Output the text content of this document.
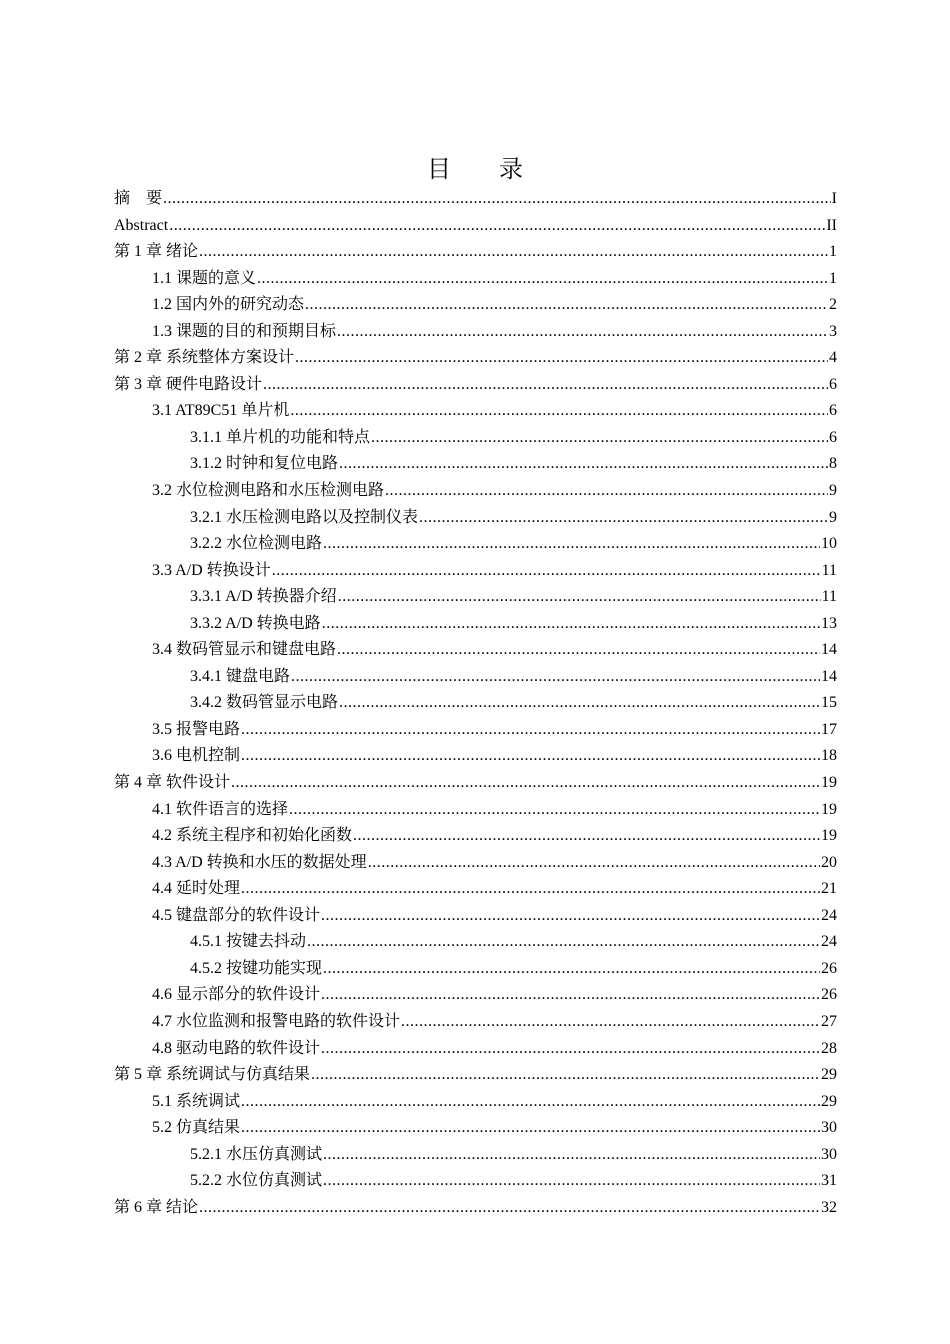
目 录
摘　要 .....	I
Abstract .....	II
第 1 章 绪论 .....	1
1.1 课题的意义 .....	1
1.2 国内外的研究动态 .....	2
1.3 课题的目的和预期目标 .....	3
第 2 章 系统整体方案设计 .....	4
第 3 章 硬件电路设计 .....	6
3.1 AT89C51 单片机 .....	6
3.1.1 单片机的功能和特点 .....	6
3.1.2 时钟和复位电路 .....	8
3.2 水位检测电路和水压检测电路 .....	9
3.2.1 水压检测电路以及控制仪表 .....	9
3.2.2 水位检测电路 .....	10
3.3 A/D 转换设计 .....	11
3.3.1 A/D 转换器介绍 .....	11
3.3.2 A/D 转换电路 .....	13
3.4 数码管显示和键盘电路 .....	14
3.4.1 键盘电路 .....	14
3.4.2 数码管显示电路 .....	15
3.5 报警电路 .....	17
3.6 电机控制 .....	18
第 4 章 软件设计 .....	19
4.1 软件语言的选择 .....	19
4.2 系统主程序和初始化函数 .....	19
4.3 A/D 转换和水压的数据处理 .....	20
4.4 延时处理 .....	21
4.5 键盘部分的软件设计 .....	24
4.5.1 按键去抖动 .....	24
4.5.2 按键功能实现 .....	26
4.6 显示部分的软件设计 .....	26
4.7 水位监测和报警电路的软件设计 .....	27
4.8 驱动电路的软件设计 .....	28
第 5 章 系统调试与仿真结果 .....	29
5.1 系统调试 .....	29
5.2 仿真结果 .....	30
5.2.1 水压仿真测试 .....	30
5.2.2 水位仿真测试 .....	31
第 6 章 结论 .....	32
